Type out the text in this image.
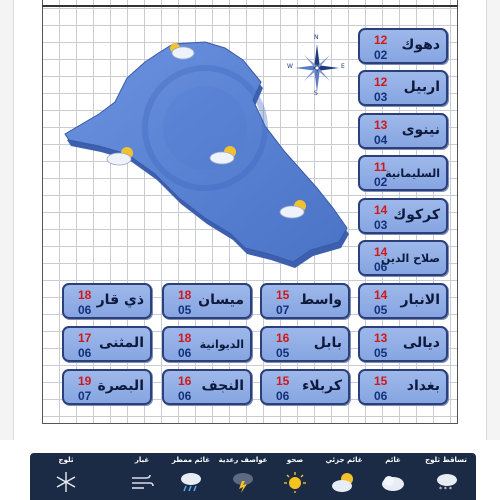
N
S
W	E
12
02
دهوك
12
03
اربيل
13
04
نينوى
11
02
السليمانية
14
03
كركوك
14
06
صلاح الدين
14
05
الانبار
15
07
واسط
18
05
ميسان
18
06
ذي قار
13
05
ديالى
16
05
بابل
18
06
الديوانية
17
06
المثنى
15
06
بغداد
15
06
كربلاء
16
06
النجف
19
07
البصرة
تساقط ثلوج
* * *
غائم
غائم جزئي
صحو
عواصف رعدية
غائم ممطر
غبار
ثلوج
